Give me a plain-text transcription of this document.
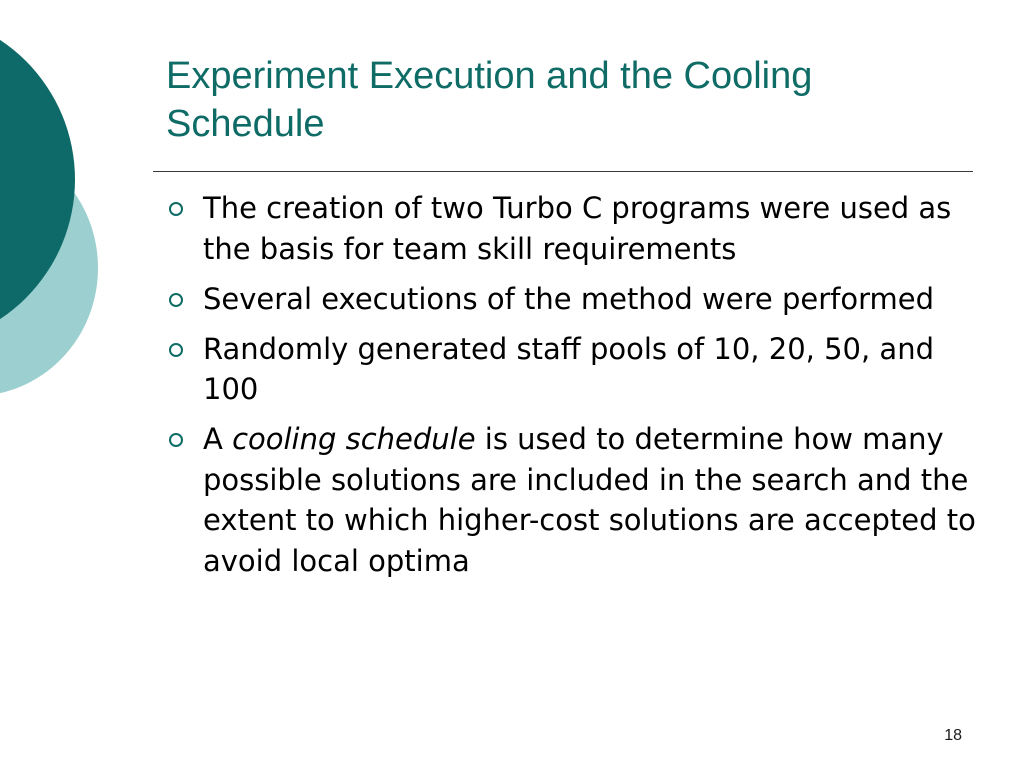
Experiment Execution and the Cooling
Schedule
The creation of two Turbo C programs were used as the basis for team skill requirements
Several executions of the method were performed
Randomly generated staff pools of 10, 20, 50, and 100
A cooling schedule is used to determine how many possible solutions are included in the search and the extent to which higher-cost solutions are accepted to avoid local optima
18
